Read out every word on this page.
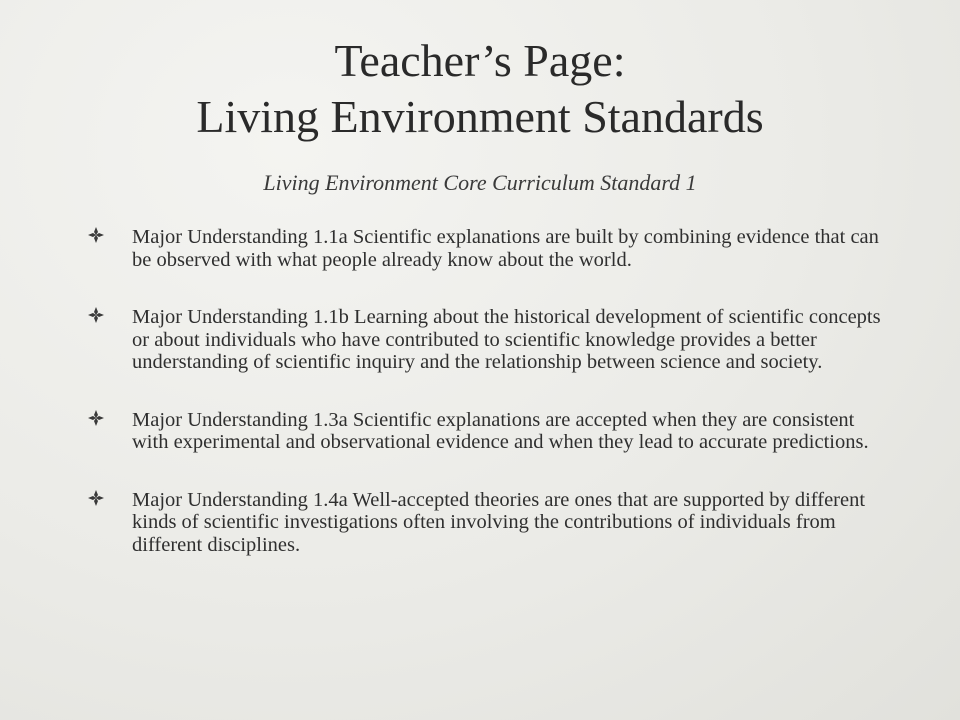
Teacher’s Page:
Living Environment Standards

Living Environment Core Curriculum Standard 1

Major Understanding 1.1a Scientific explanations are built by combining evidence that can be observed with what people already know about the world.
Major Understanding 1.1b Learning about the historical development of scientific concepts or about individuals who have contributed to scientific knowledge provides a better understanding of scientific inquiry and the relationship between science and society.
Major Understanding 1.3a Scientific explanations are accepted when they are consistent with experimental and observational evidence and when they lead to accurate predictions.
Major Understanding 1.4a Well-accepted theories are ones that are supported by different kinds of scientific investigations often involving the contributions of individuals from different disciplines.
